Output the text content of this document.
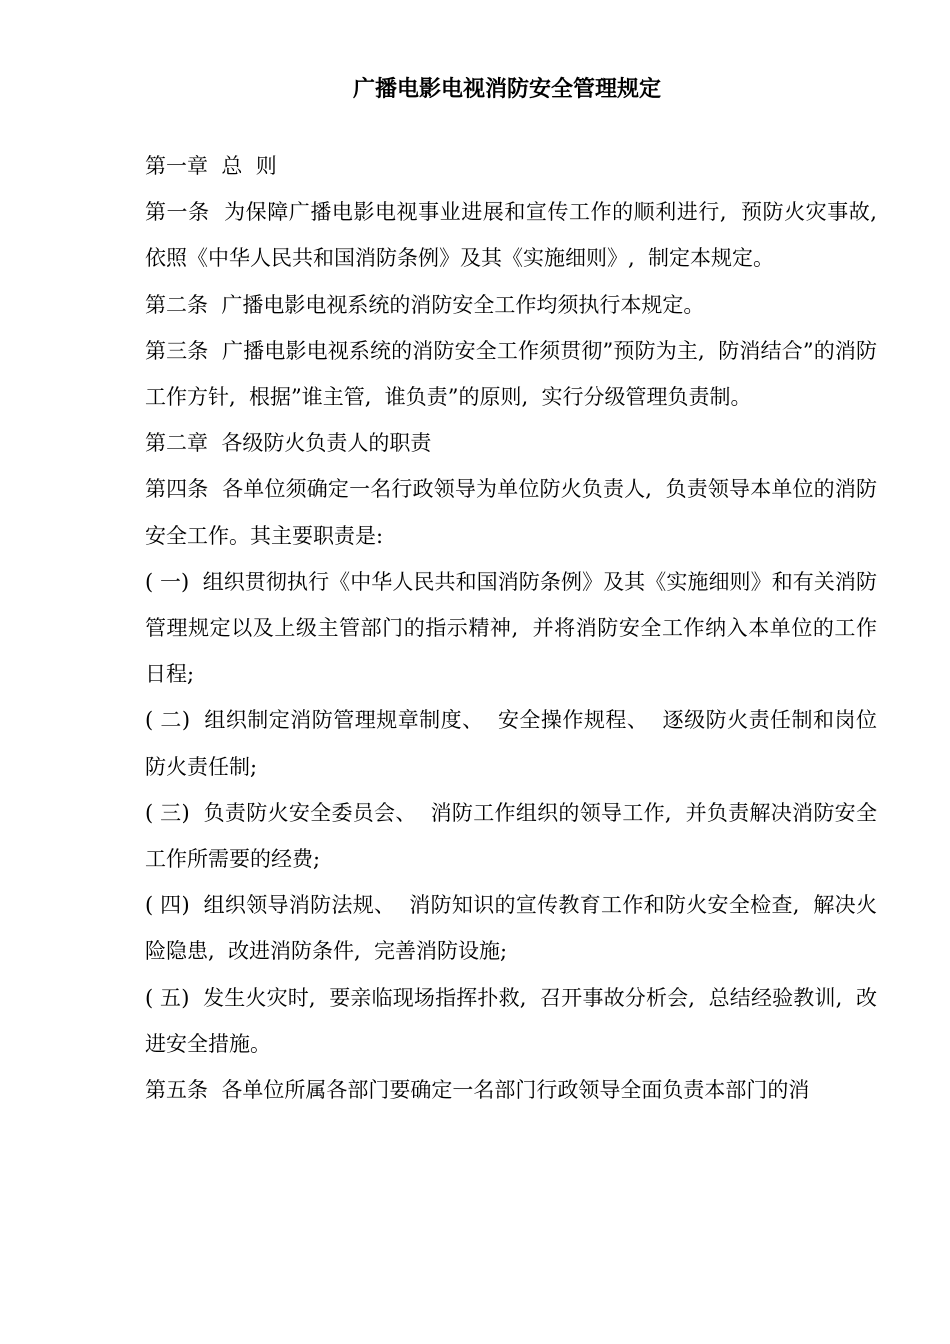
广播电影电视消防安全管理规定

第一章  总  则

第一条  为保障广播电影电视事业进展和宣传工作的顺利进行,  预防火灾事故,  依照《中华人民共和国消防条例》及其《实施细则》,  制定本规定。

第二条  广播电影电视系统的消防安全工作均须执行本规定。

第三条  广播电影电视系统的消防安全工作须贯彻”预防为主,  防消结合”的消防工作方针,  根据”谁主管,  谁负责”的原则,  实行分级管理负责制。

第二章  各级防火负责人的职责

第四条  各单位须确定一名行政领导为单位防火负责人,  负责领导本单位的消防安全工作。其主要职责是:

( 一)  组织贯彻执行《中华人民共和国消防条例》及其《实施细则》和有关消防管理规定以及上级主管部门的指示精神,  并将消防安全工作纳入本单位的工作日程;

( 二)  组织制定消防管理规章制度、  安全操作规程、  逐级防火责任制和岗位防火责任制;

( 三)  负责防火安全委员会、  消防工作组织的领导工作,  并负责解决消防安全工作所需要的经费;

( 四)  组织领导消防法规、  消防知识的宣传教育工作和防火安全检查,  解决火险隐患,  改进消防条件,  完善消防设施;

( 五)  发生火灾时,  要亲临现场指挥扑救,  召开事故分析会,  总结经验教训,  改进安全措施。

第五条  各单位所属各部门要确定一名部门行政领导全面负责本部门的消
